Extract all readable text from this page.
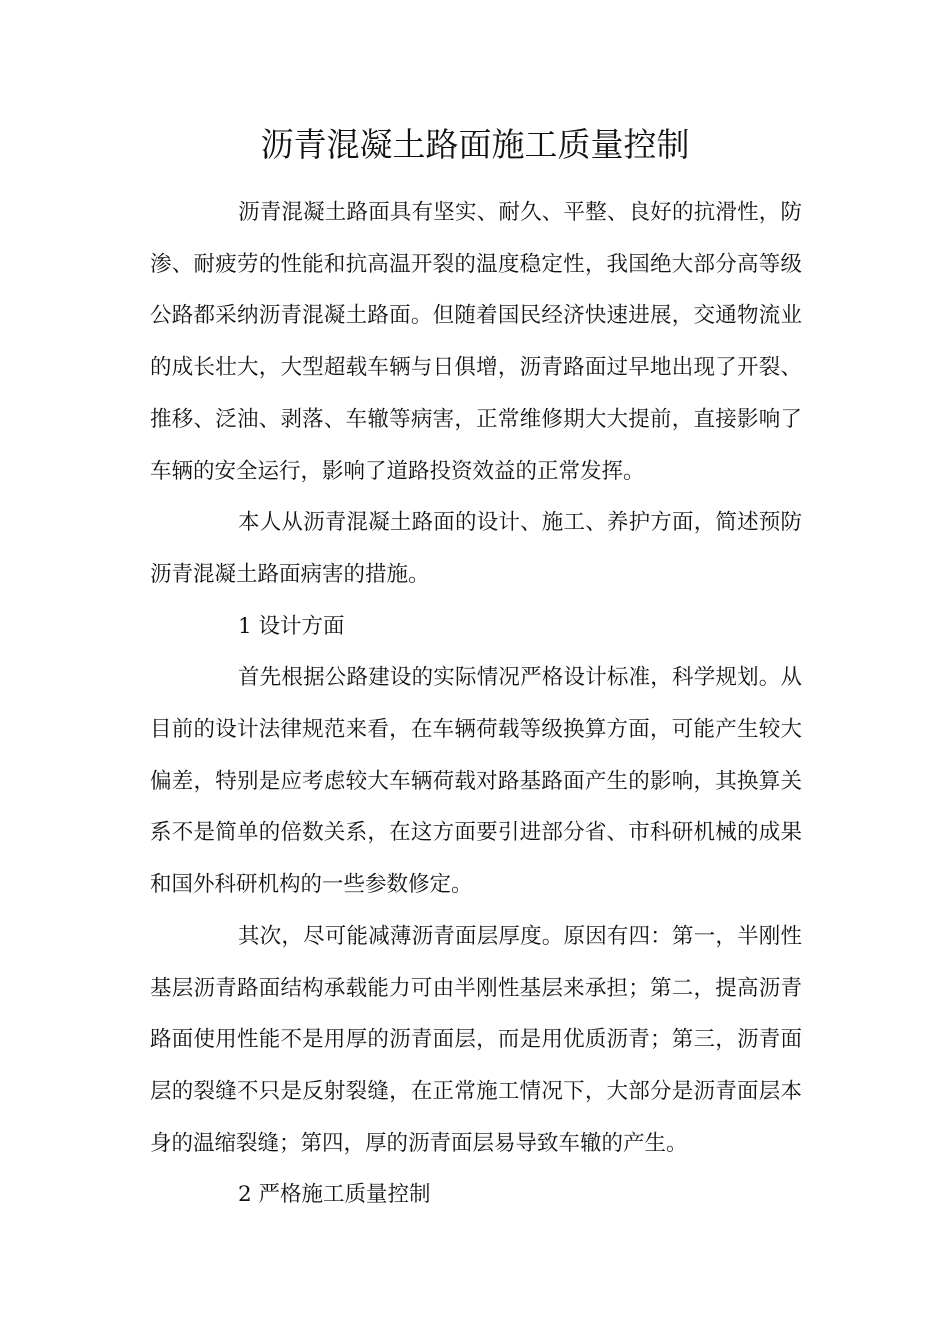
沥青混凝土路面施工质量控制

沥青混凝土路面具有坚实、耐久、平整、良好的抗滑性，防渗、耐疲劳的性能和抗高温开裂的温度稳定性，我国绝大部分高等级公路都采纳沥青混凝土路面。但随着国民经济快速进展，交通物流业的成长壮大，大型超载车辆与日俱增，沥青路面过早地出现了开裂、推移、泛油、剥落、车辙等病害，正常维修期大大提前，直接影响了车辆的安全运行，影响了道路投资效益的正常发挥。

本人从沥青混凝土路面的设计、施工、养护方面，简述预防沥青混凝土路面病害的措施。

1 设计方面

首先根据公路建设的实际情况严格设计标准，科学规划。从目前的设计法律规范来看，在车辆荷载等级换算方面，可能产生较大偏差，特别是应考虑较大车辆荷载对路基路面产生的影响，其换算关系不是简单的倍数关系，在这方面要引进部分省、市科研机械的成果和国外科研机构的一些参数修定。

其次，尽可能减薄沥青面层厚度。原因有四：第一，半刚性基层沥青路面结构承载能力可由半刚性基层来承担；第二，提高沥青路面使用性能不是用厚的沥青面层，而是用优质沥青；第三，沥青面层的裂缝不只是反射裂缝，在正常施工情况下，大部分是沥青面层本身的温缩裂缝；第四，厚的沥青面层易导致车辙的产生。

2 严格施工质量控制
